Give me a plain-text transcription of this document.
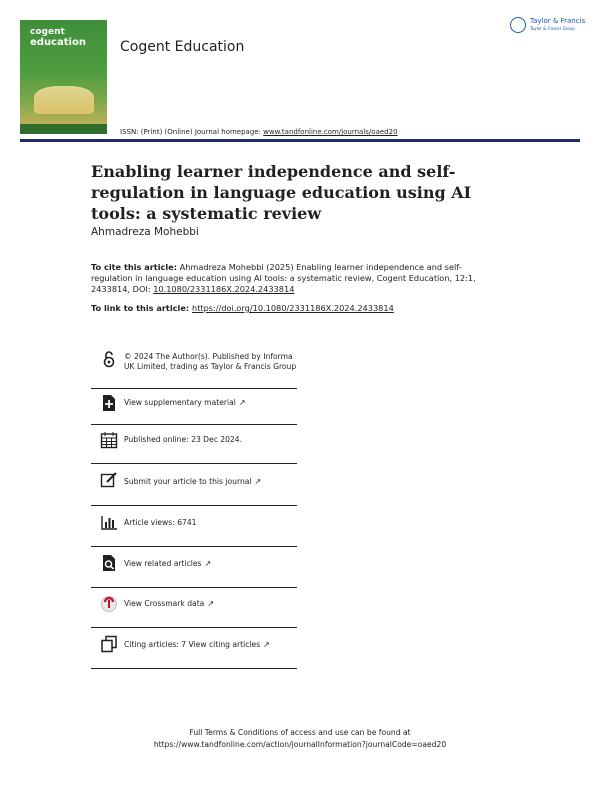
cogent
education Cogent Education
Taylor & Francis
Taylor & Francis Group
ISSN: (Print) (Online) Journal homepage: www.tandfonline.com/journals/oaed20
Enabling learner independence and self-regulation in language education using AI tools: a systematic review
Ahmadreza Mohebbi
To cite this article: Ahmadreza Mohebbi (2025) Enabling learner independence and self-regulation in language education using AI tools: a systematic review, Cogent Education, 12:1, 2433814, DOI: 10.1080/2331186X.2024.2433814
To link to this article: https://doi.org/10.1080/2331186X.2024.2433814
© 2024 The Author(s). Published by Informa UK Limited, trading as Taylor & Francis Group
View supplementary material ↗
Published online: 23 Dec 2024.
Submit your article to this journal ↗
Article views: 6741
View related articles ↗
View Crossmark data ↗
Citing articles: 7 View citing articles ↗
Full Terms & Conditions of access and use can be found at
https://www.tandfonline.com/action/journalInformation?journalCode=oaed20
